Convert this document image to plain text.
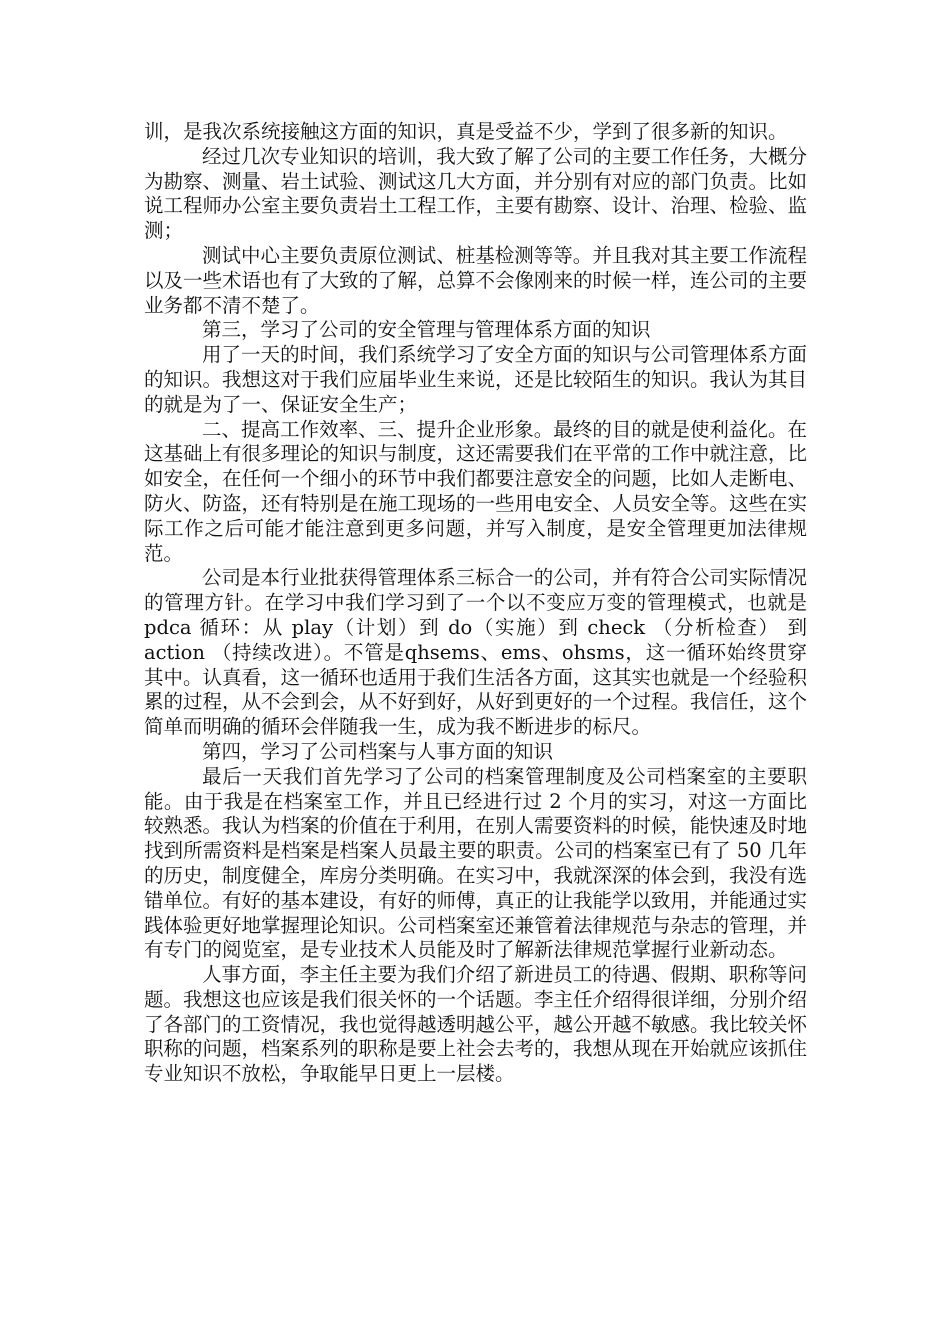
训，是我次系统接触这方面的知识，真是受益不少，学到了很多新的知识。

经过几次专业知识的培训，我大致了解了公司的主要工作任务，大概分为勘察、测量、岩土试验、测试这几大方面，并分别有对应的部门负责。比如说工程师办公室主要负责岩土工程工作，主要有勘察、设计、治理、检验、监测；

测试中心主要负责原位测试、桩基检测等等。并且我对其主要工作流程以及一些术语也有了大致的了解，总算不会像刚来的时候一样，连公司的主要业务都不清不楚了。

第三，学习了公司的安全管理与管理体系方面的知识

用了一天的时间，我们系统学习了安全方面的知识与公司管理体系方面的知识。我想这对于我们应届毕业生来说，还是比较陌生的知识。我认为其目的就是为了一、保证安全生产；

二、提高工作效率、三、提升企业形象。最终的目的就是使利益化。在这基础上有很多理论的知识与制度，这还需要我们在平常的工作中就注意，比如安全，在任何一个细小的环节中我们都要注意安全的问题，比如人走断电、防火、防盗，还有特别是在施工现场的一些用电安全、人员安全等。这些在实际工作之后可能才能注意到更多问题，并写入制度，是安全管理更加法律规范。

公司是本行业批获得管理体系三标合一的公司，并有符合公司实际情况的管理方针。在学习中我们学习到了一个以不变应万变的管理模式，也就是 pdca 循环：从 play（计划）到 do（实施）到 check （分析检查） 到 action （持续改进）。不管是qhsems、ems、ohsms，这一循环始终贯穿其中。认真看，这一循环也适用于我们生活各方面，这其实也就是一个经验积累的过程，从不会到会，从不好到好，从好到更好的一个过程。我信任，这个简单而明确的循环会伴随我一生，成为我不断进步的标尺。

第四，学习了公司档案与人事方面的知识

最后一天我们首先学习了公司的档案管理制度及公司档案室的主要职能。由于我是在档案室工作，并且已经进行过 2 个月的实习，对这一方面比较熟悉。我认为档案的价值在于利用，在别人需要资料的时候，能快速及时地找到所需资料是档案是档案人员最主要的职责。公司的档案室已有了 50 几年的历史，制度健全，库房分类明确。在实习中，我就深深的体会到，我没有选错单位。有好的基本建设，有好的师傅，真正的让我能学以致用，并能通过实践体验更好地掌握理论知识。公司档案室还兼管着法律规范与杂志的管理，并有专门的阅览室，是专业技术人员能及时了解新法律规范掌握行业新动态。

人事方面，李主任主要为我们介绍了新进员工的待遇、假期、职称等问题。我想这也应该是我们很关怀的一个话题。李主任介绍得很详细，分别介绍了各部门的工资情况，我也觉得越透明越公平，越公开越不敏感。我比较关怀职称的问题，档案系列的职称是要上社会去考的，我想从现在开始就应该抓住专业知识不放松，争取能早日更上一层楼。
